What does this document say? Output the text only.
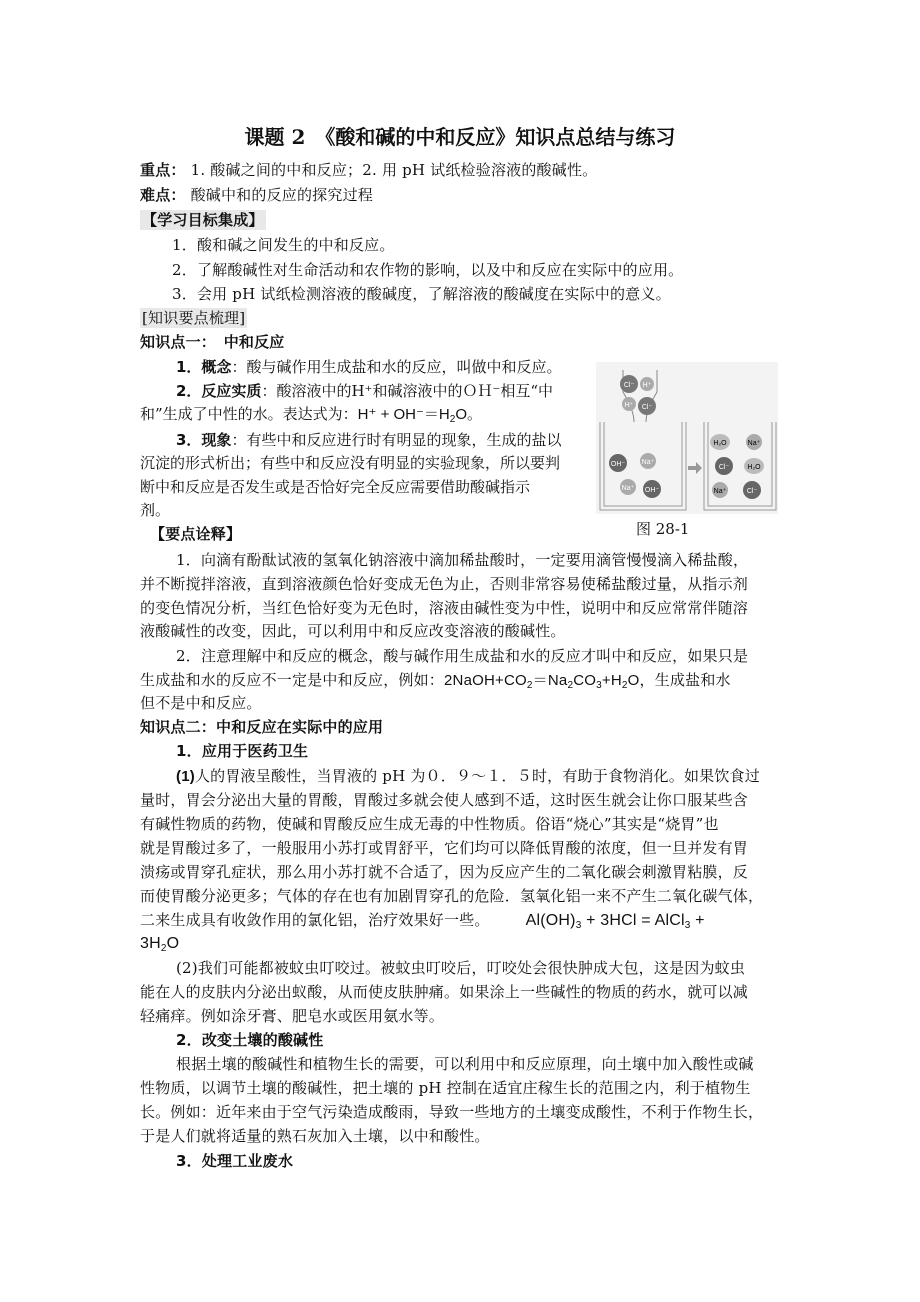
课题 2　《酸和碱的中和反应》知识点总结与练习
重点： 1. 酸碱之间的中和反应；2. 用 pH 试纸检验溶液的酸碱性。
难点： 酸碱中和的反应的探究过程
【学习目标集成】
1．酸和碱之间发生的中和反应。
2．了解酸碱性对生命活动和农作物的影响，以及中和反应在实际中的应用。
3．会用 pH 试纸检测溶液的酸碱度，了解溶液的酸碱度在实际中的意义。
[知识要点梳理]
知识点一：　中和反应
1．概念：酸与碱作用生成盐和水的反应，叫做中和反应。
2．反应实质：酸溶液中的H⁺和碱溶液中的ＯＨ⁻相互“中
和”生成了中性的水。表达式为：$H^+ + OH^-=H_2O$。
3．现象：有些中和反应进行时有明显的现象，生成的盐以
沉淀的形式析出；有些中和反应没有明显的实验现象，所以要判
断中和反应是否发生或是否恰好完全反应需要借助酸碱指示
剂。
Cl⁻ H⁺
H⁺ Cl⁻
OH⁻ Na⁺
Na⁺ OH⁻
H₂O	Na⁺
Cl⁻	H₂O
Na⁺	Cl⁻
图 28-1
【要点诠释】
1．向滴有酚酞试液的氢氧化钠溶液中滴加稀盐酸时，一定要用滴管慢慢滴入稀盐酸，
并不断搅拌溶液，直到溶液颜色恰好变成无色为止，否则非常容易使稀盐酸过量，从指示剂
的变色情况分析，当红色恰好变为无色时，溶液由碱性变为中性，说明中和反应常常伴随溶
液酸碱性的改变，因此，可以利用中和反应改变溶液的酸碱性。
2．注意理解中和反应的概念，酸与碱作用生成盐和水的反应才叫中和反应，如果只是
生成盐和水的反应不一定是中和反应，例如：$2NaOH+CO_2=Na_2CO_3+H_2O$，生成盐和水
但不是中和反应。
知识点二：中和反应在实际中的应用
1．应用于医药卫生
(1)人的胃液呈酸性，当胃液的 pH 为０．９～１．５时，有助于食物消化。如果饮食过
量时，胃会分泌出大量的胃酸，胃酸过多就会使人感到不适，这时医生就会让你口服某些含
有碱性物质的药物，使碱和胃酸反应生成无毒的中性物质。俗语“烧心”其实是“烧胃”也
就是胃酸过多了，一般服用小苏打或胃舒平，它们均可以降低胃酸的浓度，但一旦并发有胃
溃疡或胃穿孔症状，那么用小苏打就不合适了，因为反应产生的二氧化碳会刺激胃粘膜，反
而使胃酸分泌更多；气体的存在也有加剧胃穿孔的危险．氢氧化铝一来不产生二氧化碳气体，
二来生成具有收敛作用的氯化铝，治疗效果好一些。 $Al(OH)_3 + 3HCl$ = AlCl$_3$ +
$3H_2O$
(2)我们可能都被蚊虫叮咬过。被蚊虫叮咬后，叮咬处会很快肿成大包，这是因为蚊虫
能在人的皮肤内分泌出蚁酸，从而使皮肤肿痛。如果涂上一些碱性的物质的药水，就可以减
轻痛痒。例如涂牙膏、肥皂水或医用氨水等。
2．改变土壤的酸碱性
根据土壤的酸碱性和植物生长的需要，可以利用中和反应原理，向土壤中加入酸性或碱
性物质，以调节土壤的酸碱性，把土壤的 pH 控制在适宜庄稼生长的范围之内，利于植物生
长。例如：近年来由于空气污染造成酸雨，导致一些地方的土壤变成酸性，不利于作物生长，
于是人们就将适量的熟石灰加入土壤，以中和酸性。
3．处理工业废水
